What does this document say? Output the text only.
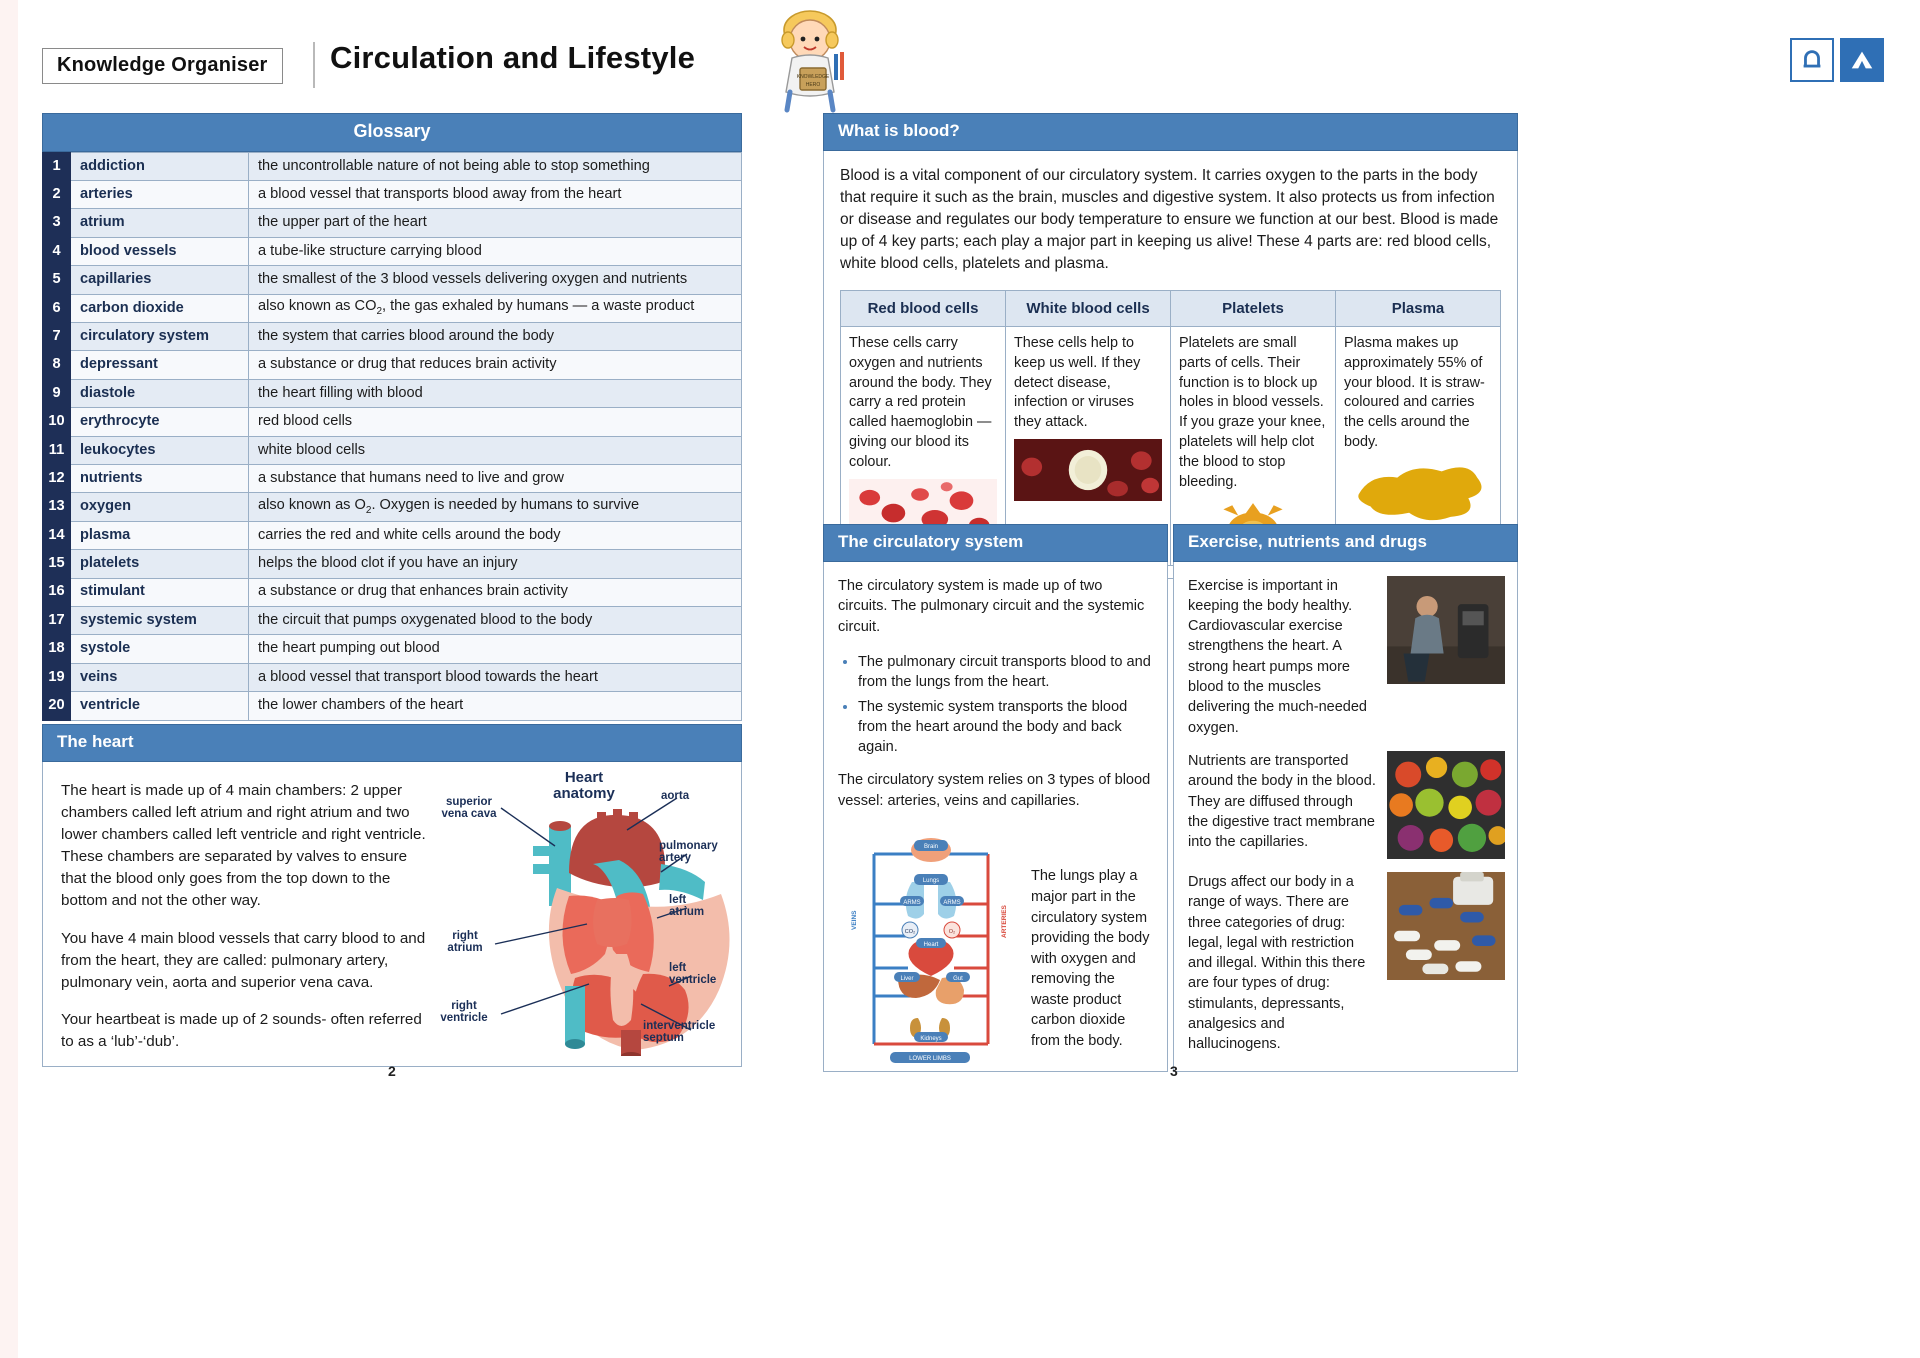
Knowledge Organiser	Circulation and Lifestyle
KNOWLEDGE
HERO
Glossary
1	addiction	the uncontrollable nature of not being able to stop something
2	arteries	a blood vessel that transports blood away from the heart
3	atrium	the upper part of the heart
4	blood vessels	a tube-like structure carrying blood
5	capillaries	the smallest of the 3 blood vessels delivering oxygen and nutrients
6	carbon dioxide	also known as $CO_2$, the gas exhaled by humans — a waste product
7	circulatory system	the system that carries blood around the body
8	depressant	a substance or drug that reduces brain activity
9	diastole	the heart filling with blood
10	erythrocyte	red blood cells
11	leukocytes	white blood cells
12	nutrients	a substance that humans need to live and grow
13	oxygen	also known as $O_2$. Oxygen is needed by humans to survive
14	plasma	carries the red and white cells around the body
15	platelets	helps the blood clot if you have an injury
16	stimulant	a substance or drug that enhances brain activity
17	systemic system	the circuit that pumps oxygenated blood to the body
18	systole	the heart pumping out blood
19	veins	a blood vessel that transport blood towards the heart
20	ventricle	the lower chambers of the heart
The heart

The heart is made up of 4 main chambers: 2 upper chambers called left atrium and right atrium and two lower chambers called left ventricle and right ventricle. These chambers are separated by valves to ensure that the blood only goes from the top down to the bottom and not the other way.

You have 4 main blood vessels that carry blood to and from the heart, they are called: pulmonary artery, pulmonary vein, aorta and superior vena cava.

Your heartbeat is made up of 2 sounds- often referred to as a ‘lub’-‘dub’.

Heart
anatomy
superior
vena cava
aorta
pulmonary
artery
left
atrium
left
ventricle
right
atrium
right
ventricle
interventricle
septum
2
What is blood?

Blood is a vital component of our circulatory system. It carries oxygen to the parts in the body that require it such as the brain, muscles and digestive system. It also protects us from infection or disease and regulates our body temperature to ensure we function at our best. Blood is made up of 4 key parts; each play a major part in keeping us alive! These 4 parts are: red blood cells, white blood cells, platelets and plasma.

Red blood cells	White blood cells	Platelets	Plasma

These cells carry oxygen and nutrients around the body. They carry a red protein called haemoglobin — giving our blood its colour.	These cells help to keep us well. If they detect disease, infection or viruses they attack.	Platelets are small parts of cells. Their function is to block up holes in blood vessels. If you graze your knee, platelets will help clot the blood to stop bleeding.	Plasma makes up approximately 55% of your blood. It is straw-coloured and carries the cells around the body.
The circulatory system

The circulatory system is made up of two circuits. The pulmonary circuit and the systemic circuit.

• The pulmonary circuit transports blood to and from the lungs from the heart.
• The systemic system transports the blood from the heart around the body and back again.

The circulatory system relies on 3 types of blood vessel: arteries, veins and capillaries.

Brain
Lungs
CO₂	O₂
Heart
Liver	Gut
Kidneys
LOWER LIMBS
ARMS	ARMS
VEINS	ARTERIES
The lungs play a major part in the circulatory system providing the body with oxygen and removing the waste product carbon dioxide from the body.
Exercise, nutrients and drugs
Exercise is important in keeping the body healthy. Cardiovascular exercise strengthens the heart. A strong heart pumps more blood to the muscles delivering the much-needed oxygen.
Nutrients are transported around the body in the blood. They are diffused through the digestive tract membrane into the capillaries.
Drugs affect our body in a range of ways. There are three categories of drug: legal, legal with restriction and illegal. Within this there are four types of drug: stimulants, depressants, analgesics and hallucinogens.
3
